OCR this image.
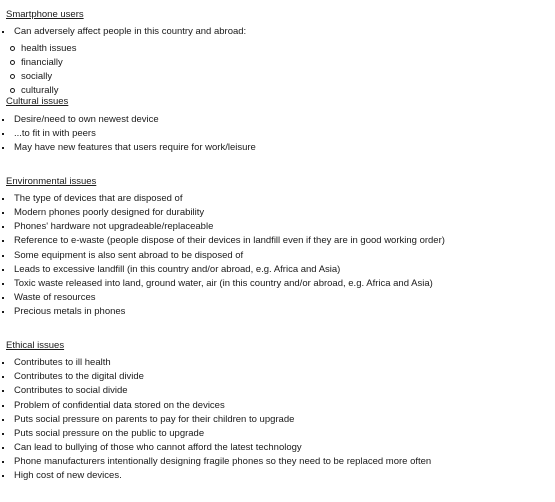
Smartphone users
Can adversely affect people in this country and abroad:
health issues
financially
socially
culturally
Cultural issues
Desire/need to own newest device
...to fit in with peers
May have new features that users require for work/leisure
Environmental issues
The type of devices that are disposed of
Modern phones poorly designed for durability
Phones' hardware not upgradeable/replaceable
Reference to e-waste (people dispose of their devices in landfill even if they are in good working order)
Some equipment is also sent abroad to be disposed of
Leads to excessive landfill (in this country and/or abroad, e.g. Africa and Asia)
Toxic waste released into land, ground water, air (in this country and/or abroad, e.g. Africa and Asia)
Waste of resources
Precious metals in phones
Ethical issues
Contributes to ill health
Contributes to the digital divide
Contributes to social divide
Problem of confidential data stored on the devices
Puts social pressure on parents to pay for their children to upgrade
Puts social pressure on the public to upgrade
Can lead to bullying of those who cannot afford the latest technology
Phone manufacturers intentionally designing fragile phones so they need to be replaced more often
High cost of new devices.
